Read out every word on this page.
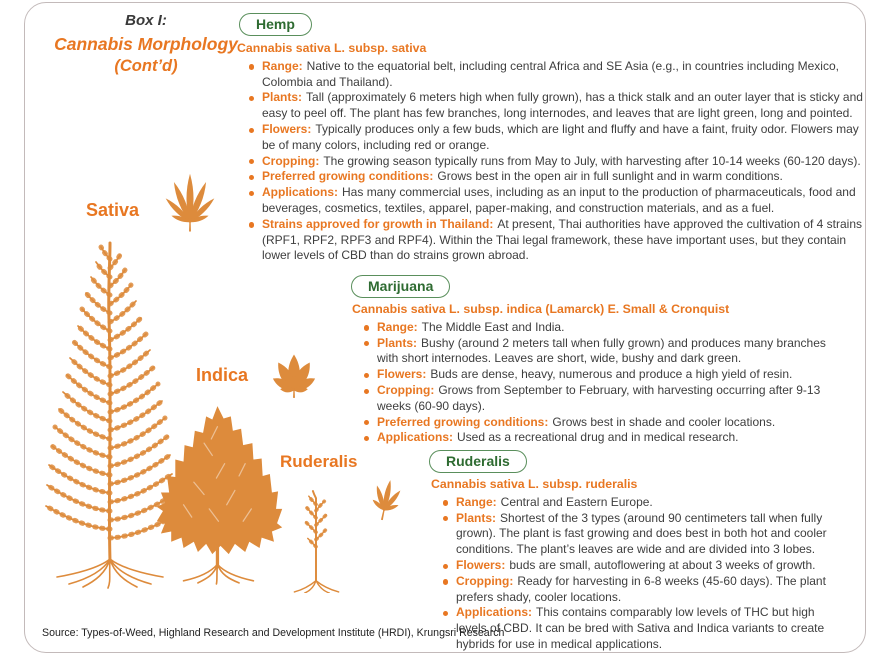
Box I:
Cannabis Morphology
(Cont’d)
Hemp
Cannabis sativa L. subsp. sativa
Range: Native to the equatorial belt, including central Africa and SE Asia (e.g., in countries including Mexico, Colombia and Thailand).
Plants: Tall (approximately 6 meters high when fully grown), has a thick stalk and an outer layer that is sticky and easy to peel off. The plant has few branches, long internodes, and leaves that are light green, long and pointed.
Flowers: Typically produces only a few buds, which are light and fluffy and have a faint, fruity odor. Flowers may be of many colors, including red or orange.
Cropping: The growing season typically runs from May to July, with harvesting after 10-14 weeks (60-120 days).
Preferred growing conditions: Grows best in the open air in full sunlight and in warm conditions.
Applications: Has many commercial uses, including as an input to the production of pharmaceuticals, food and beverages, cosmetics, textiles, apparel, paper-making, and construction materials, and as a fuel.
Strains approved for growth in Thailand: At present, Thai authorities have approved the cultivation of 4 strains (RPF1, RPF2, RPF3 and RPF4). Within the Thai legal framework, these have important uses, but they contain lower levels of CBD than do strains grown abroad.
Marijuana
Cannabis sativa L. subsp. indica (Lamarck) E. Small & Cronquist
Range: The Middle East and India.
Plants: Bushy (around 2 meters tall when fully grown) and produces many branches with short internodes. Leaves are short, wide, bushy and dark green.
Flowers: Buds are dense, heavy, numerous and produce a high yield of resin.
Cropping: Grows from September to February, with harvesting occurring after 9-13 weeks (60-90 days).
Preferred growing conditions: Grows best in shade and cooler locations.
Applications: Used as a recreational drug and in medical research.
Ruderalis
Cannabis sativa L. subsp. ruderalis
Range: Central and Eastern Europe.
Plants: Shortest of the 3 types (around 90 centimeters tall when fully grown). The plant is fast growing and does best in both hot and cooler conditions. The plant’s leaves are wide and are divided into 3 lobes.
Flowers: buds are small, autoflowering at about 3 weeks of growth.
Cropping: Ready for harvesting in 6-8 weeks (45-60 days). The plant prefers shady, cooler locations.
Applications: This contains comparably low levels of THC but high levels of CBD. It can be bred with Sativa and Indica variants to create hybrids for use in medical applications.
Sativa
Indica
Ruderalis
Source: Types-of-Weed, Highland Research and Development Institute (HRDI), Krungsri Research
